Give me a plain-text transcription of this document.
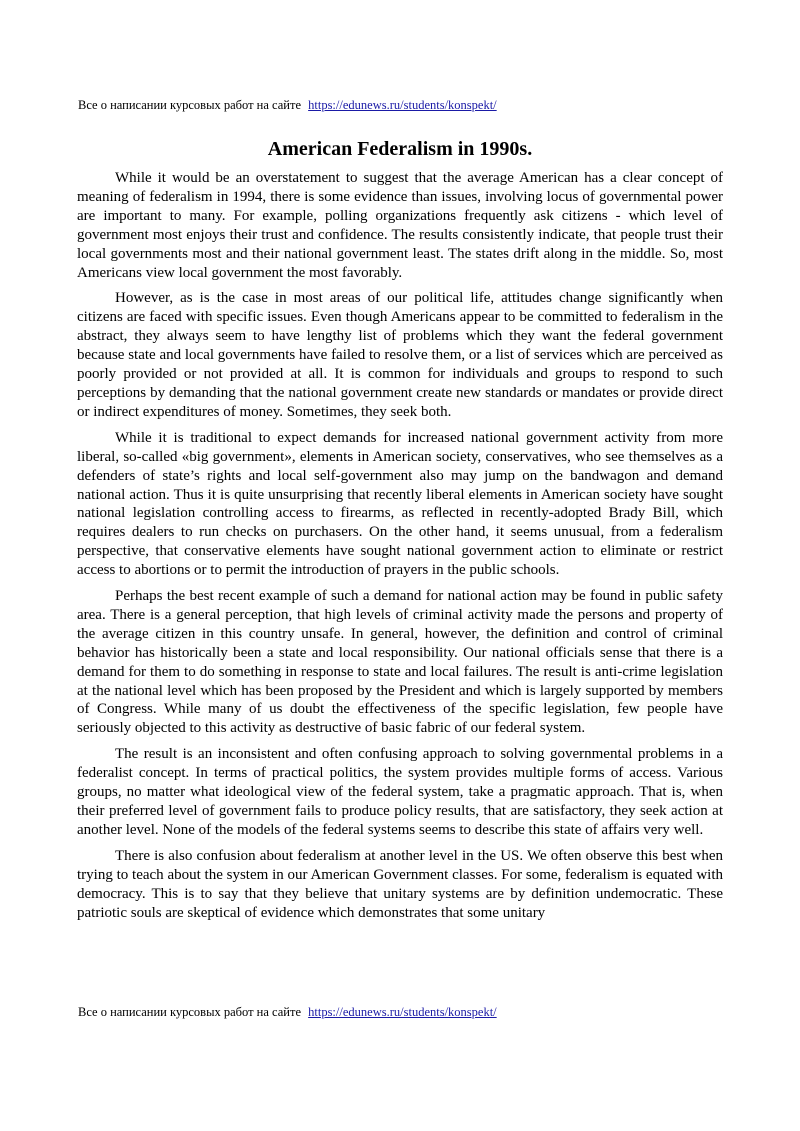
Все о написании курсовых работ на сайте https://edunews.ru/students/konspekt/
American Federalism in 1990s.

While it would be an overstatement to suggest that the average American has a clear concept of meaning of federalism in 1994, there is some evidence than issues, involving locus of governmental power are important to many. For example, polling organizations frequently ask citizens - which level of government most enjoys their trust and confidence. The results consistently indicate, that people trust their local governments most and their national government least. The states drift along in the middle. So, most Americans view local government the most favorably.

However, as is the case in most areas of our political life, attitudes change significantly when citizens are faced with specific issues. Even though Americans appear to be committed to federalism in the abstract, they always seem to have lengthy list of problems which they want the federal government because state and local governments have failed to resolve them, or a list of services which are perceived as poorly provided or not provided at all. It is common for individuals and groups to respond to such perceptions by demanding that the national government create new standards or mandates or provide direct or indirect expenditures of money. Sometimes, they seek both.

While it is traditional to expect demands for increased national government activity from more liberal, so-called «big government», elements in American society, conservatives, who see themselves as a defenders of state’s rights and local self-government also may jump on the bandwagon and demand national action. Thus it is quite unsurprising that recently liberal elements in American society have sought national legislation controlling access to firearms, as reflected in recently-adopted Brady Bill, which requires dealers to run checks on purchasers. On the other hand, it seems unusual, from a federalism perspective, that conservative elements have sought national government action to eliminate or restrict access to abortions or to permit the introduction of prayers in the public schools.

Perhaps the best recent example of such a demand for national action may be found in public safety area. There is a general perception, that high levels of criminal activity made the persons and property of the average citizen in this country unsafe. In general, however, the definition and control of criminal behavior has historically been a state and local responsibility. Our national officials sense that there is a demand for them to do something in response to state and local failures. The result is anti-crime legislation at the national level which has been proposed by the President and which is largely supported by members of Congress. While many of us doubt the effectiveness of the specific legislation, few people have seriously objected to this activity as destructive of basic fabric of our federal system.

The result is an inconsistent and often confusing approach to solving governmental problems in a federalist concept. In terms of practical politics, the system provides multiple forms of access. Various groups, no matter what ideological view of the federal system, take a pragmatic approach. That is, when their preferred level of government fails to produce policy results, that are satisfactory, they seek action at another level. None of the models of the federal systems seems to describe this state of affairs very well.

There is also confusion about federalism at another level in the US. We often observe this best when trying to teach about the system in our American Government classes. For some, federalism is equated with democracy. This is to say that they believe that unitary systems are by definition undemocratic. These patriotic souls are skeptical of evidence which demonstrates that some unitary

Все о написании курсовых работ на сайте https://edunews.ru/students/konspekt/
